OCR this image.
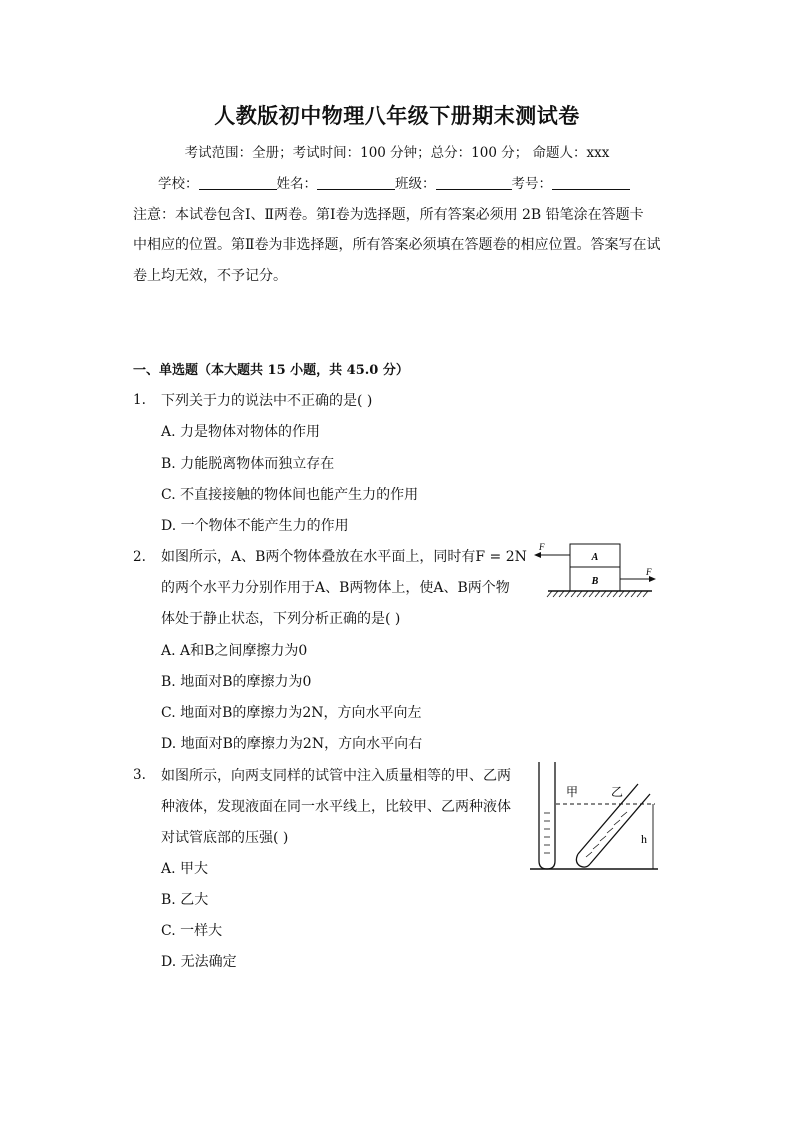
人教版初中物理八年级下册期末测试卷
考试范围：全册；考试时间：100 分钟；总分：100 分； 命题人：xxx
学校：	姓名：	班级：	考号：
注意：本试卷包含Ⅰ、Ⅱ两卷。第Ⅰ卷为选择题，所有答案必须用 2B 铅笔涂在答题卡
中相应的位置。第Ⅱ卷为非选择题，所有答案必须填在答题卷的相应位置。答案写在试
卷上均无效，不予记分。
一、单选题（本大题共 15 小题，共 45.0 分）
1. 下列关于力的说法中不正确的是( )
A. 力是物体对物体的作用
B. 力能脱离物体而独立存在
C. 不直接接触的物体间也能产生力的作用
D. 一个物体不能产生力的作用
2. 如图所示，A、B两个物体叠放在水平面上，同时有F = 2N
的两个水平力分别作用于A、B两物体上，使A、B两个物
体处于静止状态，下列分析正确的是( )
A. A和B之间摩擦力为0
B. 地面对B的摩擦力为0
C. 地面对B的摩擦力为2N，方向水平向左
D. 地面对B的摩擦力为2N，方向水平向右
A
B
F
F
3. 如图所示，向两支同样的试管中注入质量相等的甲、乙两
种液体，发现液面在同一水平线上，比较甲、乙两种液体
对试管底部的压强( )
A. 甲大
B. 乙大
C. 一样大
D. 无法确定
甲	乙
h
